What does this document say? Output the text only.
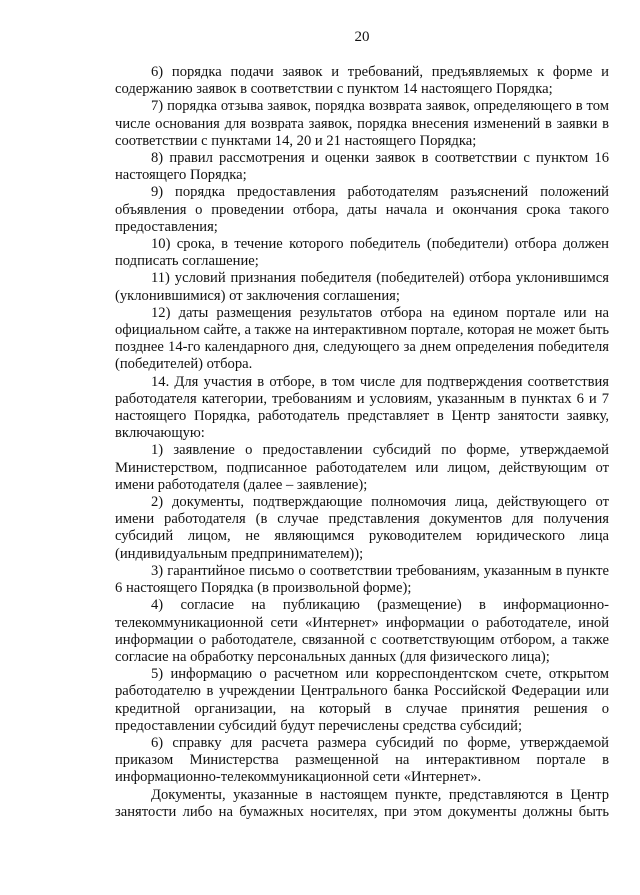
20

6) порядка подачи заявок и требований, предъявляемых к форме и содержанию заявок в соответствии с пунктом 14 настоящего Порядка;

7) порядка отзыва заявок, порядка возврата заявок, определяющего в том числе основания для возврата заявок, порядка внесения изменений в заявки в соответствии с пунктами 14, 20 и 21 настоящего Порядка;

8) правил рассмотрения и оценки заявок в соответствии с пунктом 16 настоящего Порядка;

9) порядка предоставления работодателям разъяснений положений объявления о проведении отбора, даты начала и окончания срока такого предоставления;

10) срока, в течение которого победитель (победители) отбора должен подписать соглашение;

11) условий признания победителя (победителей) отбора уклонившимся (уклонившимися) от заключения соглашения;

12) даты размещения результатов отбора на едином портале или на официальном сайте, а также на интерактивном портале, которая не может быть позднее 14-го календарного дня, следующего за днем определения победителя (победителей) отбора.

14. Для участия в отборе, в том числе для подтверждения соответствия работодателя категории, требованиям и условиям, указанным в пунктах 6 и 7 настоящего Порядка, работодатель представляет в Центр занятости заявку, включающую:

1) заявление о предоставлении субсидий по форме, утверждаемой Министерством, подписанное работодателем или лицом, действующим от имени работодателя (далее – заявление);

2) документы, подтверждающие полномочия лица, действующего от имени работодателя (в случае представления документов для получения субсидий лицом, не являющимся руководителем юридического лица (индивидуальным предпринимателем));

3) гарантийное письмо о соответствии требованиям, указанным в пункте 6 настоящего Порядка (в произвольной форме);

4) согласие на публикацию (размещение) в информационно-телекоммуникационной сети «Интернет» информации о работодателе, иной информации о работодателе, связанной с соответствующим отбором, а также согласие на обработку персональных данных (для физического лица);

5) информацию о расчетном или корреспондентском счете, открытом работодателю в учреждении Центрального банка Российской Федерации или кредитной организации, на который в случае принятия решения о предоставлении субсидий будут перечислены средства субсидий;

6) справку для расчета размера субсидий по форме, утверждаемой приказом Министерства размещенной на интерактивном портале в информационно-телекоммуникационной сети «Интернет».

Документы, указанные в настоящем пункте, представляются в Центр занятости либо на бумажных носителях, при этом документы должны быть
